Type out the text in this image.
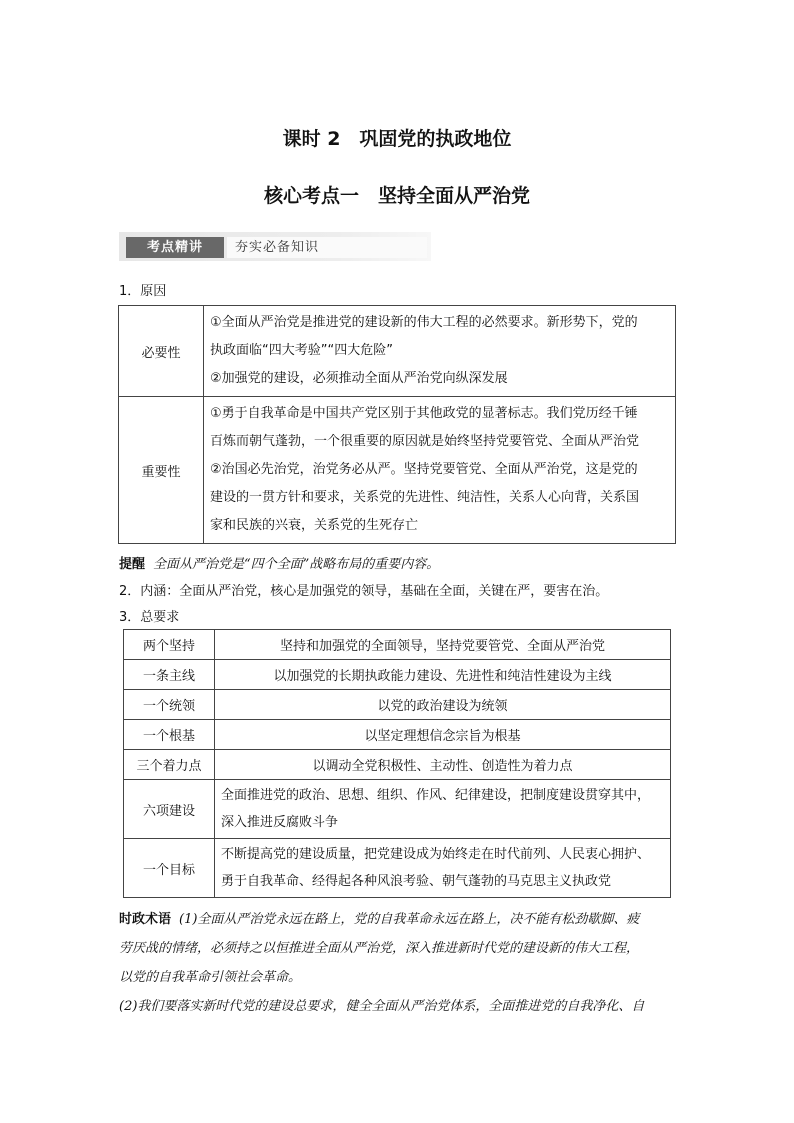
课时 2　巩固党的执政地位
核心考点一　坚持全面从严治党
考点精讲	夯实必备知识
1．原因
必要性	①全面从严治党是推进党的建设新的伟大工程的必然要求。新形势下，党的
执政面临“四大考验”“四大危险”
②加强党的建设，必须推动全面从严治党向纵深发展

重要性	①勇于自我革命是中国共产党区别于其他政党的显著标志。我们党历经千锤
百炼而朝气蓬勃，一个很重要的原因就是始终坚持党要管党、全面从严治党
②治国必先治党，治党务必从严。坚持党要管党、全面从严治党，这是党的
建设的一贯方针和要求，关系党的先进性、纯洁性，关系人心向背，关系国
家和民族的兴衰，关系党的生死存亡
提醒 全面从严治党是“四个全面”战略布局的重要内容。
2．内涵：全面从严治党，核心是加强党的领导，基础在全面，关键在严，要害在治。
3．总要求
两个坚持	坚持和加强党的全面领导，坚持党要管党、全面从严治党
一条主线	以加强党的长期执政能力建设、先进性和纯洁性建设为主线
一个统领	以党的政治建设为统领
一个根基	以坚定理想信念宗旨为根基
三个着力点	以调动全党积极性、主动性、创造性为着力点
六项建设	全面推进党的政治、思想、组织、作风、纪律建设，把制度建设贯穿其中，
深入推进反腐败斗争

一个目标	不断提高党的建设质量，把党建设成为始终走在时代前列、人民衷心拥护、
勇于自我革命、经得起各种风浪考验、朝气蓬勃的马克思主义执政党
时政术语 (1)全面从严治党永远在路上，党的自我革命永远在路上，决不能有松劲歇脚、疲
劳厌战的情绪，必须持之以恒推进全面从严治党，深入推进新时代党的建设新的伟大工程，
以党的自我革命引领社会革命。
(2)我们要落实新时代党的建设总要求，健全全面从严治党体系，全面推进党的自我净化、自
